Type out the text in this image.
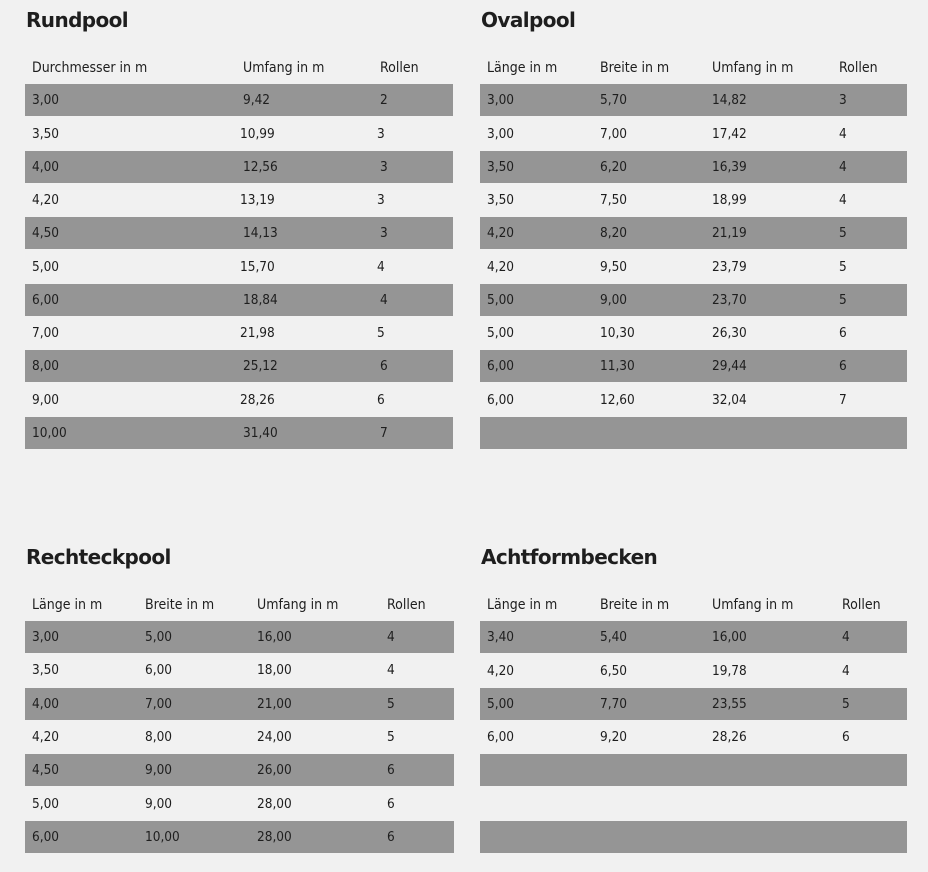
Rundpool
Durchmesser in m	Umfang in m	Rollen
3,00	9,42	2
3,50	10,99	3
4,00	12,56	3
4,20	13,19	3
4,50	14,13	3
5,00	15,70	4
6,00	18,84	4
7,00	21,98	5
8,00	25,12	6
9,00	28,26	6
10,00	31,40	7
Ovalpool
Länge in m	Breite in m	Umfang in m	Rollen
3,00	5,70	14,82	3
3,00	7,00	17,42	4
3,50	6,20	16,39	4
3,50	7,50	18,99	4
4,20	8,20	21,19	5
4,20	9,50	23,79	5
5,00	9,00	23,70	5
5,00	10,30	26,30	6
6,00	11,30	29,44	6
6,00	12,60	32,04	7
Rechteckpool
Länge in m	Breite in m	Umfang in m	Rollen
3,00	5,00	16,00	4
3,50	6,00	18,00	4
4,00	7,00	21,00	5
4,20	8,00	24,00	5
4,50	9,00	26,00	6
5,00	9,00	28,00	6
6,00	10,00	28,00	6
Achtformbecken
Länge in m	Breite in m	Umfang in m	Rollen
3,40	5,40	16,00	4
4,20	6,50	19,78	4
5,00	7,70	23,55	5
6,00	9,20	28,26	6
